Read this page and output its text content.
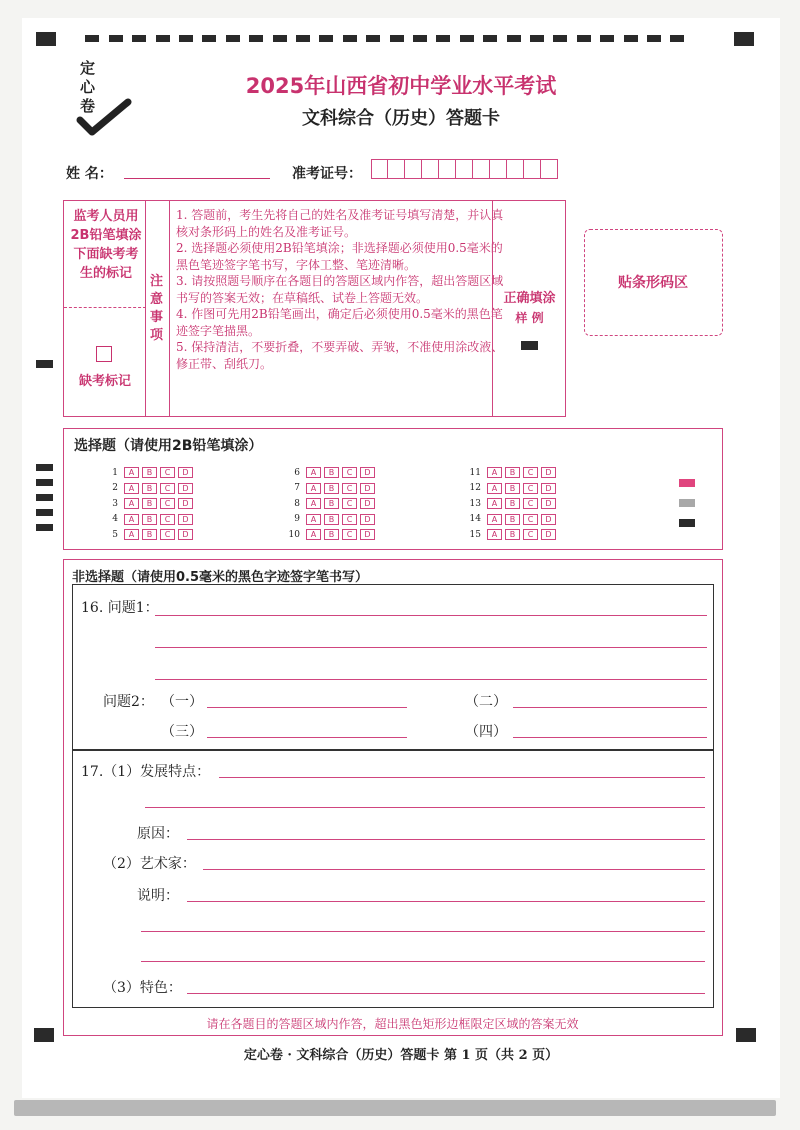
定
心
卷
2025年山西省初中学业水平考试
文科综合（历史）答题卡
姓 名：	准考证号：
监考人员用2B铅笔填涂下面缺考考生的标记
缺考标记
注
意
事
项
1. 答题前，考生先将自己的姓名及准考证号填写清楚，并认真核对条形码上的姓名及准考证号。
2. 选择题必须使用2B铅笔填涂；非选择题必须使用0.5毫米的黑色笔迹签字笔书写，字体工整、笔迹清晰。
3. 请按照题号顺序在各题目的答题区域内作答，超出答题区域书写的答案无效；在草稿纸、试卷上答题无效。
4. 作图可先用2B铅笔画出，确定后必须使用0.5毫米的黑色笔迹签字笔描黑。
5. 保持清洁，不要折叠，不要弄破、弄皱，不准使用涂改液、修正带、刮纸刀。
正确填涂
样 例
贴条形码区
选择题（请使用2B铅笔填涂）
1 A B C D
2 A B C D
3 A B C D
4 A B C D
5 A B C D
6 A B C D
7 A B C D
8 A B C D
9 A B C D
10 A B C D
11 A B C D
12 A B C D
13 A B C D
14 A B C D
15 A B C D
非选择题（请使用0.5毫米的黑色字迹签字笔书写）
16. 问题1：
问题2： （一）	（二）
（三）	（四）
17.（1）发展特点：
原因：
（2）艺术家：
说明：
（3）特色：
请在各题目的答题区域内作答，超出黑色矩形边框限定区域的答案无效
定心卷 · 文科综合（历史）答题卡 第 1 页（共 2 页）
